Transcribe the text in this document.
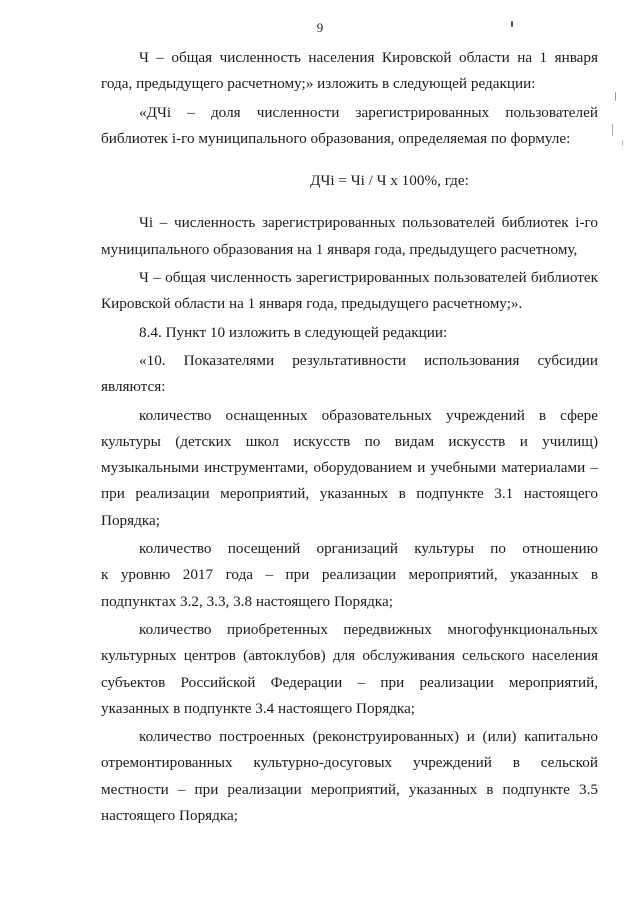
9
Ч – общая численность населения Кировской области на 1 января
года, предыдущего расчетному;» изложить в следующей редакции:
«ДЧi – доля численности зарегистрированных пользователей
библиотек i-го муниципального образования, определяемая по формуле:
ДЧi = Чi / Ч x 100%, где:
Чi – численность зарегистрированных пользователей библиотек i-го
муниципального образования на 1 января года, предыдущего расчетному,
Ч – общая численность зарегистрированных пользователей библиотек
Кировской области на 1 января года, предыдущего расчетному;».
8.4. Пункт 10 изложить в следующей редакции:
«10. Показателями результативности использования субсидии
являются:
количество оснащенных образовательных учреждений в сфере
культуры (детских школ искусств по видам искусств и училищ)
музыкальными инструментами, оборудованием и учебными материалами –
при реализации мероприятий, указанных в подпункте 3.1 настоящего
Порядка;
количество посещений организаций культуры по отношению
к уровню 2017 года – при реализации мероприятий, указанных в
подпунктах 3.2, 3.3, 3.8 настоящего Порядка;
количество приобретенных передвижных многофункциональных
культурных центров (автоклубов) для обслуживания сельского населения
субъектов Российской Федерации – при реализации мероприятий,
указанных в подпункте 3.4 настоящего Порядка;
количество построенных (реконструированных) и (или) капитально
отремонтированных культурно-досуговых учреждений в сельской
местности – при реализации мероприятий, указанных в подпункте 3.5
настоящего Порядка;
